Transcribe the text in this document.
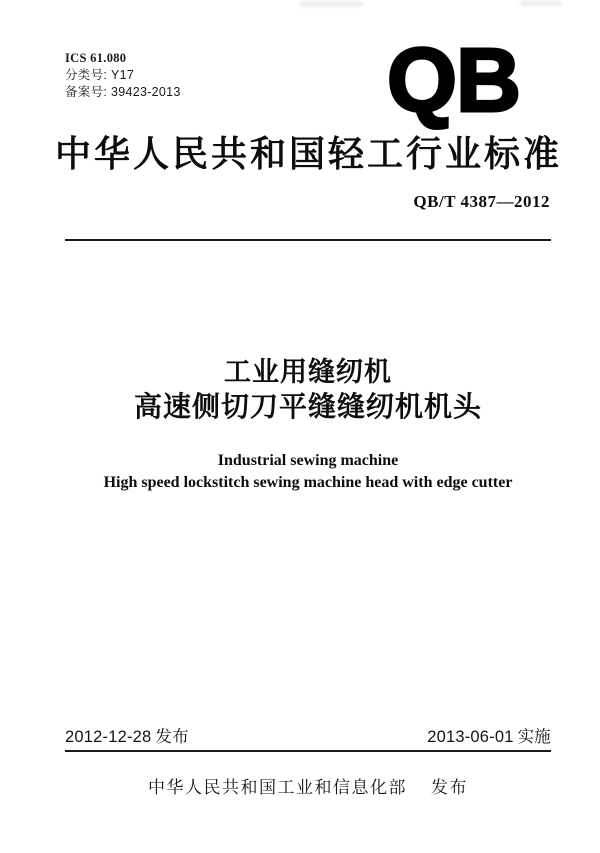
ICS 61.080
分类号: Y17
备案号: 39423-2013 QB
中华人民共和国轻工行业标准
QB/T 4387—2012
工业用缝纫机
高速侧切刀平缝缝纫机机头
Industrial sewing machine
High speed lockstitch sewing machine head with edge cutter
2012-12-28 发布	2013-06-01 实施
中华人民共和国工业和信息化部 发布
